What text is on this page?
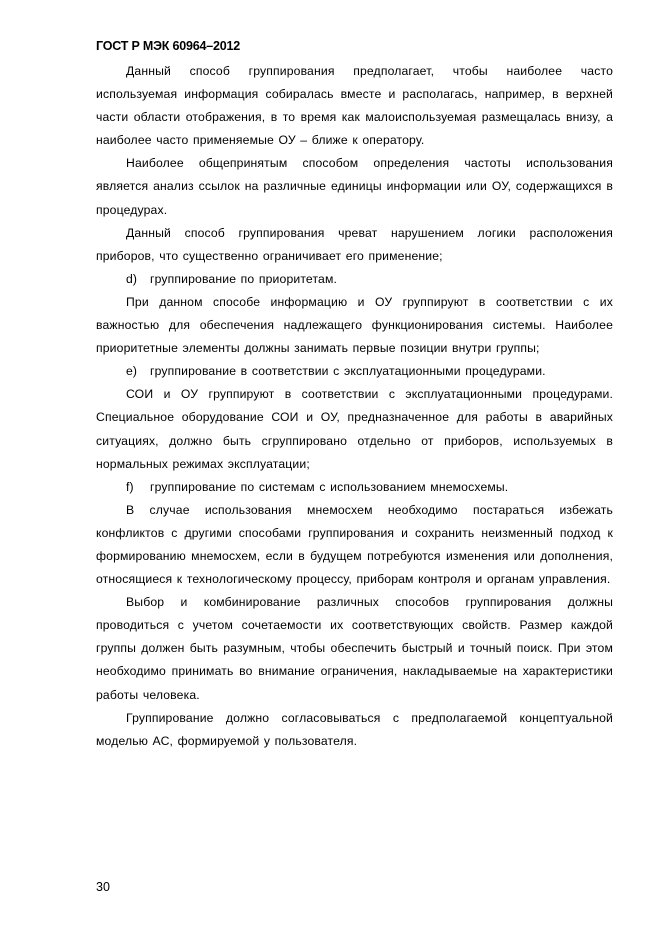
ГОСТ Р МЭК 60964–2012

Данный способ группирования предполагает, чтобы наиболее часто используемая информация собиралась вместе и располагась, например, в верхней части области отображения, в то время как малоиспользуемая размещалась внизу, а наиболее часто применяемые ОУ – ближе к оператору.

Наиболее общепринятым способом определения частоты использования является анализ ссылок на различные единицы информации или ОУ, содержащихся в процедурах.

Данный способ группирования чреват нарушением логики расположения приборов, что существенно ограничивает его применение;

d) группирование по приоритетам.

При данном способе информацию и ОУ группируют в соответствии с их важностью для обеспечения надлежащего функционирования системы. Наиболее приоритетные элементы должны занимать первые позиции внутри группы;

e) группирование в соответствии с эксплуатационными процедурами.

СОИ и ОУ группируют в соответствии с эксплуатационными процедурами. Специальное оборудование СОИ и ОУ, предназначенное для работы в аварийных ситуациях, должно быть сгруппировано отдельно от приборов, используемых в нормальных режимах эксплуатации;

f) группирование по системам с использованием мнемосхемы.

В случае использования мнемосхем необходимо постараться избежать конфликтов с другими способами группирования и сохранить неизменный подход к формированию мнемосхем, если в будущем потребуются изменения или дополнения, относящиеся к технологическому процессу, приборам контроля и органам управления.

Выбор и комбинирование различных способов группирования должны проводиться с учетом сочетаемости их соответствующих свойств. Размер каждой группы должен быть разумным, чтобы обеспечить быстрый и точный поиск. При этом необходимо принимать во внимание ограничения, накладываемые на характеристики работы человека.

Группирование должно согласовываться с предполагаемой концептуальной моделью АС, формируемой у пользователя.

30
